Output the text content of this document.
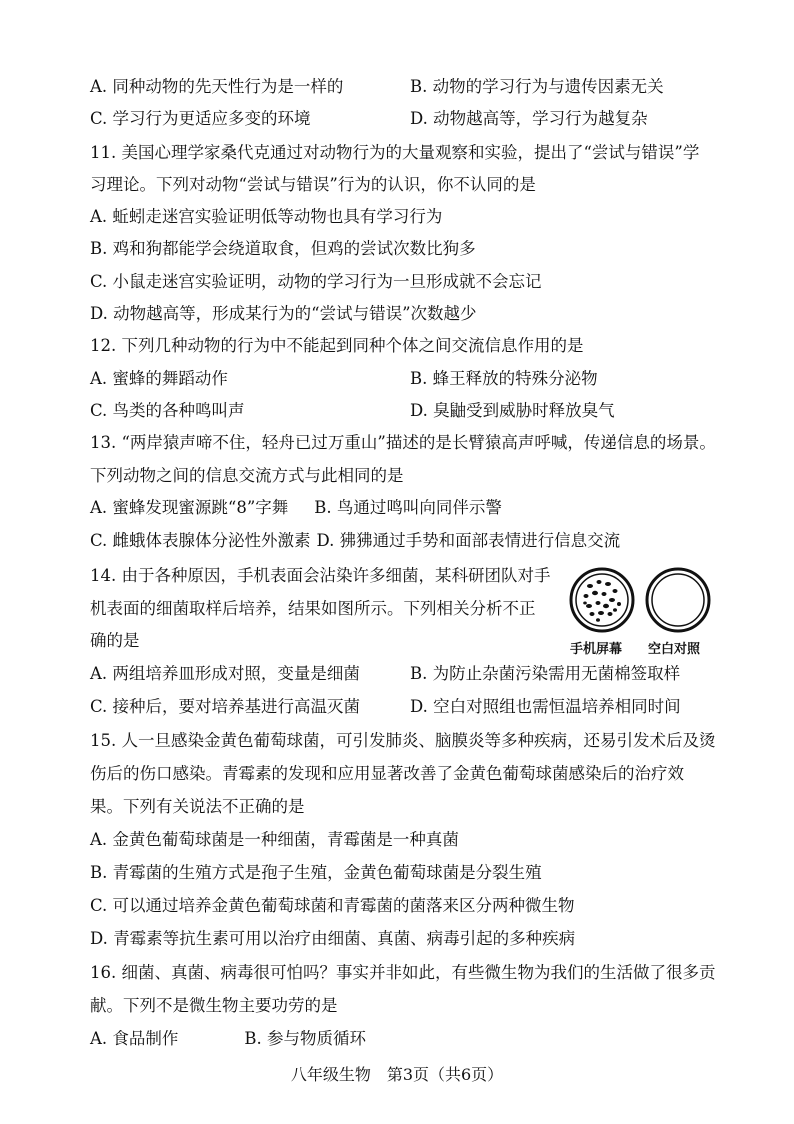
A. 同种动物的先天性行为是一样的	B. 动物的学习行为与遗传因素无关
C. 学习行为更适应多变的环境	D. 动物越高等，学习行为越复杂
11. 美国心理学家桑代克通过对动物行为的大量观察和实验，提出了“尝试与错误”学
习理论。下列对动物“尝试与错误”行为的认识，你不认同的是
A. 蚯蚓走迷宫实验证明低等动物也具有学习行为
B. 鸡和狗都能学会绕道取食，但鸡的尝试次数比狗多
C. 小鼠走迷宫实验证明，动物的学习行为一旦形成就不会忘记
D. 动物越高等，形成某行为的“尝试与错误”次数越少
12. 下列几种动物的行为中不能起到同种个体之间交流信息作用的是
A. 蜜蜂的舞蹈动作	B. 蜂王释放的特殊分泌物
C. 鸟类的各种鸣叫声	D. 臭鼬受到威胁时释放臭气
13. “两岸猿声啼不住，轻舟已过万重山”描述的是长臂猿高声呼喊，传递信息的场景。
下列动物之间的信息交流方式与此相同的是
A. 蜜蜂发现蜜源跳“8”字舞 B. 鸟通过鸣叫向同伴示警
C. 雌蛾体表腺体分泌性外激素 D. 狒狒通过手势和面部表情进行信息交流
14. 由于各种原因，手机表面会沾染许多细菌，某科研团队对手
机表面的细菌取样后培养，结果如图所示。下列相关分析不正
确的是	手机屏幕 空白对照
A. 两组培养皿形成对照，变量是细菌	B. 为防止杂菌污染需用无菌棉签取样
C. 接种后，要对培养基进行高温灭菌	D. 空白对照组也需恒温培养相同时间
15. 人一旦感染金黄色葡萄球菌，可引发肺炎、脑膜炎等多种疾病，还易引发术后及烫
伤后的伤口感染。青霉素的发现和应用显著改善了金黄色葡萄球菌感染后的治疗效
果。下列有关说法不正确的是
A. 金黄色葡萄球菌是一种细菌，青霉菌是一种真菌
B. 青霉菌的生殖方式是孢子生殖，金黄色葡萄球菌是分裂生殖
C. 可以通过培养金黄色葡萄球菌和青霉菌的菌落来区分两种微生物
D. 青霉素等抗生素可用以治疗由细菌、真菌、病毒引起的多种疾病
16. 细菌、真菌、病毒很可怕吗？事实并非如此，有些微生物为我们的生活做了很多贡
献。下列不是微生物主要功劳的是
A. 食品制作	B. 参与物质循环
八年级生物　第3页（共6页）
